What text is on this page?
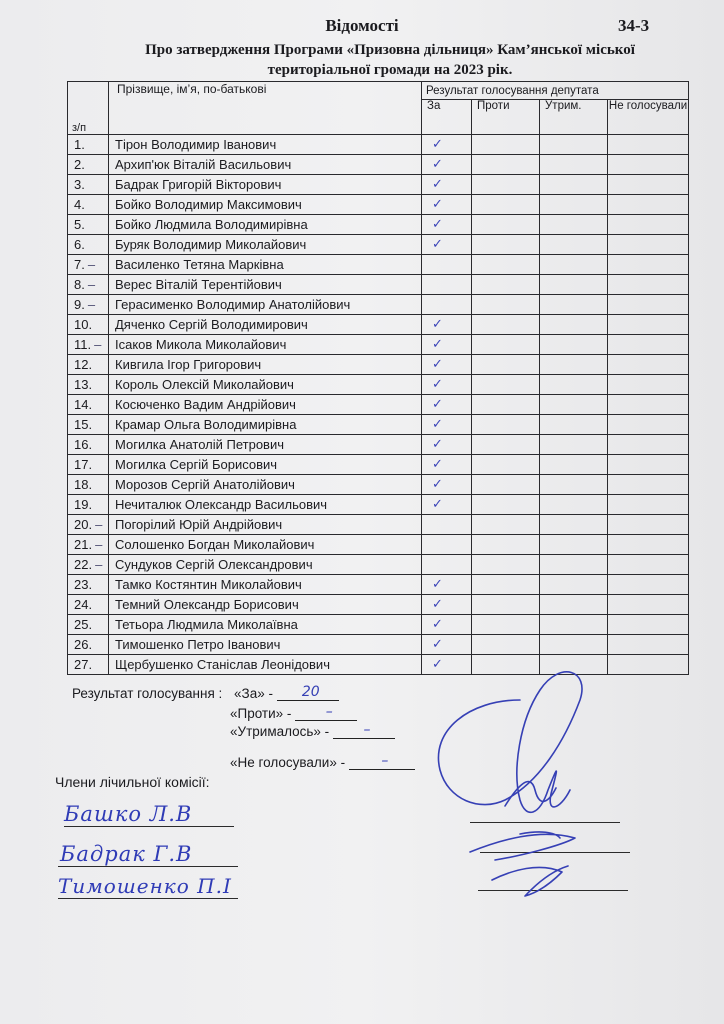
Відомості	34-3
Про затвердження Програми «Призовна дільниця» Кам’янської міської
територіальної громади на 2023 рік.
з/п	Прізвище, ім’я, по-батькові	Результат голосування депутата			
		За	Проти	Утрим.	Не голосували
1.	Тірон Володимир Іванович	✓			
2.	Архип'юк Віталій Васильович	✓			
3.	Бадрак Григорій Вікторович	✓			
4.	Бойко Володимир Максимович	✓			
5.	Бойко Людмила Володимирівна	✓			
6.	Буряк Володимир Миколайович	✓			
7. –	Василенко Тетяна Марківна				
8. –	Верес Віталій Терентійович				
9. –	Герасименко Володимир Анатолійович				
10.	Дяченко Сергій Володимирович	✓			
11. –	Ісаков Микола Миколайович	✓			
12.	Кивгила Ігор Григорович	✓			
13.	Король Олексій Миколайович	✓			
14.	Косюченко Вадим Андрійович	✓			
15.	Крамар Ольга Володимирівна	✓			
16.	Могилка Анатолій Петрович	✓			
17.	Могилка Сергій Борисович	✓			
18.	Морозов Сергій Анатолійович	✓			
19.	Нечиталюк Олександр Васильович	✓			
20. –	Погорілий Юрій Андрійович				
21. –	Солошенко Богдан Миколайович				
22. –	Сундуков Сергій Олександрович				
23.	Тамко Костянтин Миколайович	✓			
24.	Темний Олександр Борисович	✓			
25.	Тетьора Людмила Миколаївна	✓			
26.	Тимошенко Петро Іванович	✓			
27.	Щербушенко Станіслав Леонідович	✓			
Результат голосування : «За» - 20
«Проти» - –
«Утрималось» - –
«Не голосували» -	–
Члени лічильної комісії:
Башко Л.В
Бадрак Г.В
Тимошенко П.І
